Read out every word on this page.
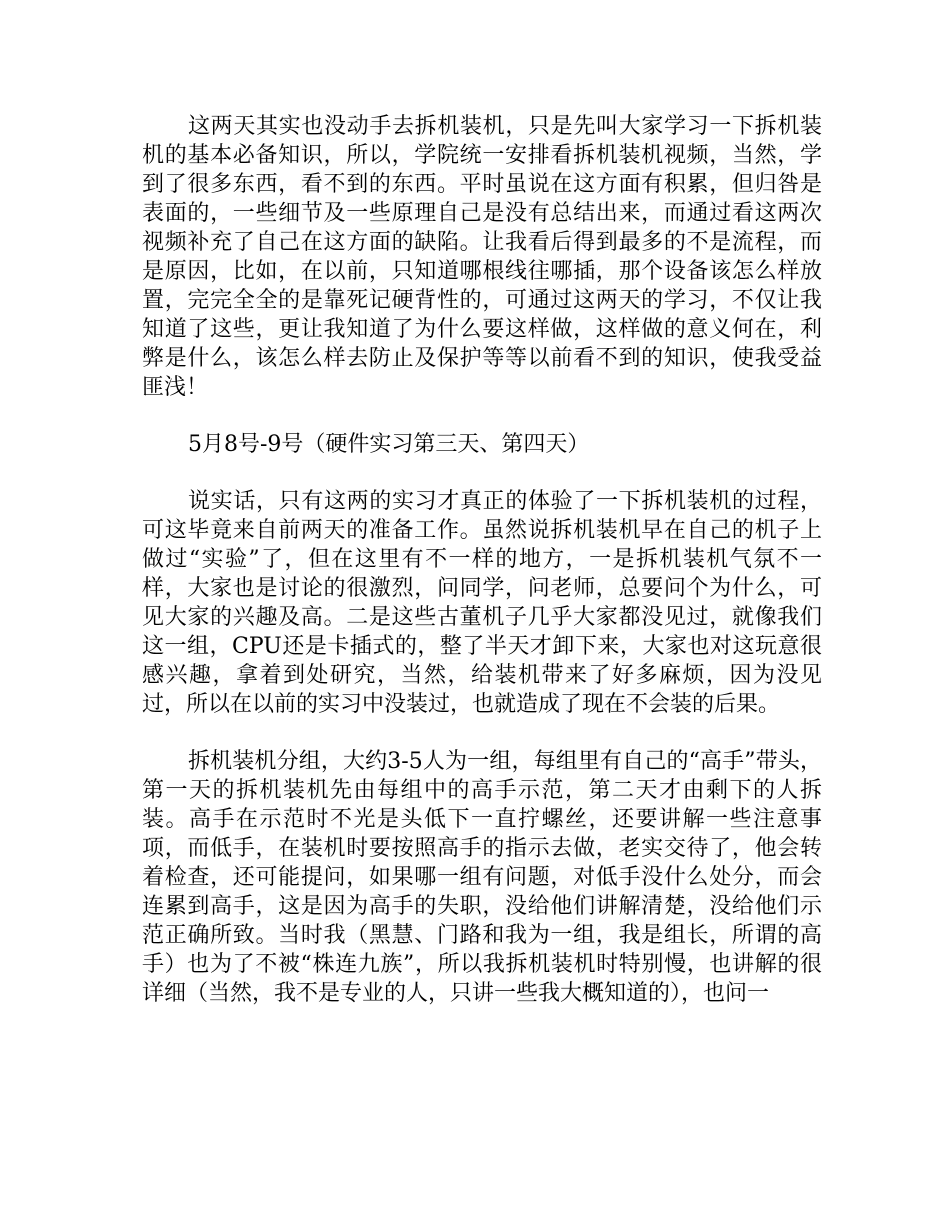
这两天其实也没动手去拆机装机，只是先叫大家学习一下拆机装机的基本必备知识，所以，学院统一安排看拆机装机视频，当然，学到了很多东西，看不到的东西。平时虽说在这方面有积累，但归咎是表面的，一些细节及一些原理自己是没有总结出来，而通过看这两次视频补充了自己在这方面的缺陷。让我看后得到最多的不是流程，而是原因，比如，在以前，只知道哪根线往哪插，那个设备该怎么样放置，完完全全的是靠死记硬背性的，可通过这两天的学习，不仅让我知道了这些，更让我知道了为什么要这样做，这样做的意义何在，利弊是什么，该怎么样去防止及保护等等以前看不到的知识，使我受益匪浅！

5月8号-9号（硬件实习第三天、第四天）

说实话，只有这两的实习才真正的体验了一下拆机装机的过程，可这毕竟来自前两天的准备工作。虽然说拆机装机早在自己的机子上做过“实验”了，但在这里有不一样的地方，一是拆机装机气氛不一样，大家也是讨论的很激烈，问同学，问老师，总要问个为什么，可见大家的兴趣及高。二是这些古董机子几乎大家都没见过，就像我们这一组，CPU还是卡插式的，整了半天才卸下来，大家也对这玩意很感兴趣，拿着到处研究，当然，给装机带来了好多麻烦，因为没见过，所以在以前的实习中没装过，也就造成了现在不会装的后果。

拆机装机分组，大约3-5人为一组，每组里有自己的“高手”带头，第一天的拆机装机先由每组中的高手示范，第二天才由剩下的人拆装。高手在示范时不光是头低下一直拧螺丝，还要讲解一些注意事项，而低手，在装机时要按照高手的指示去做，老实交待了，他会转着检查，还可能提问，如果哪一组有问题，对低手没什么处分，而会连累到高手，这是因为高手的失职，没给他们讲解清楚，没给他们示范正确所致。当时我（黑慧、门路和我为一组，我是组长，所谓的高手）也为了不被“株连九族”，所以我拆机装机时特别慢，也讲解的很详细（当然，我不是专业的人，只讲一些我大概知道的），也问一
